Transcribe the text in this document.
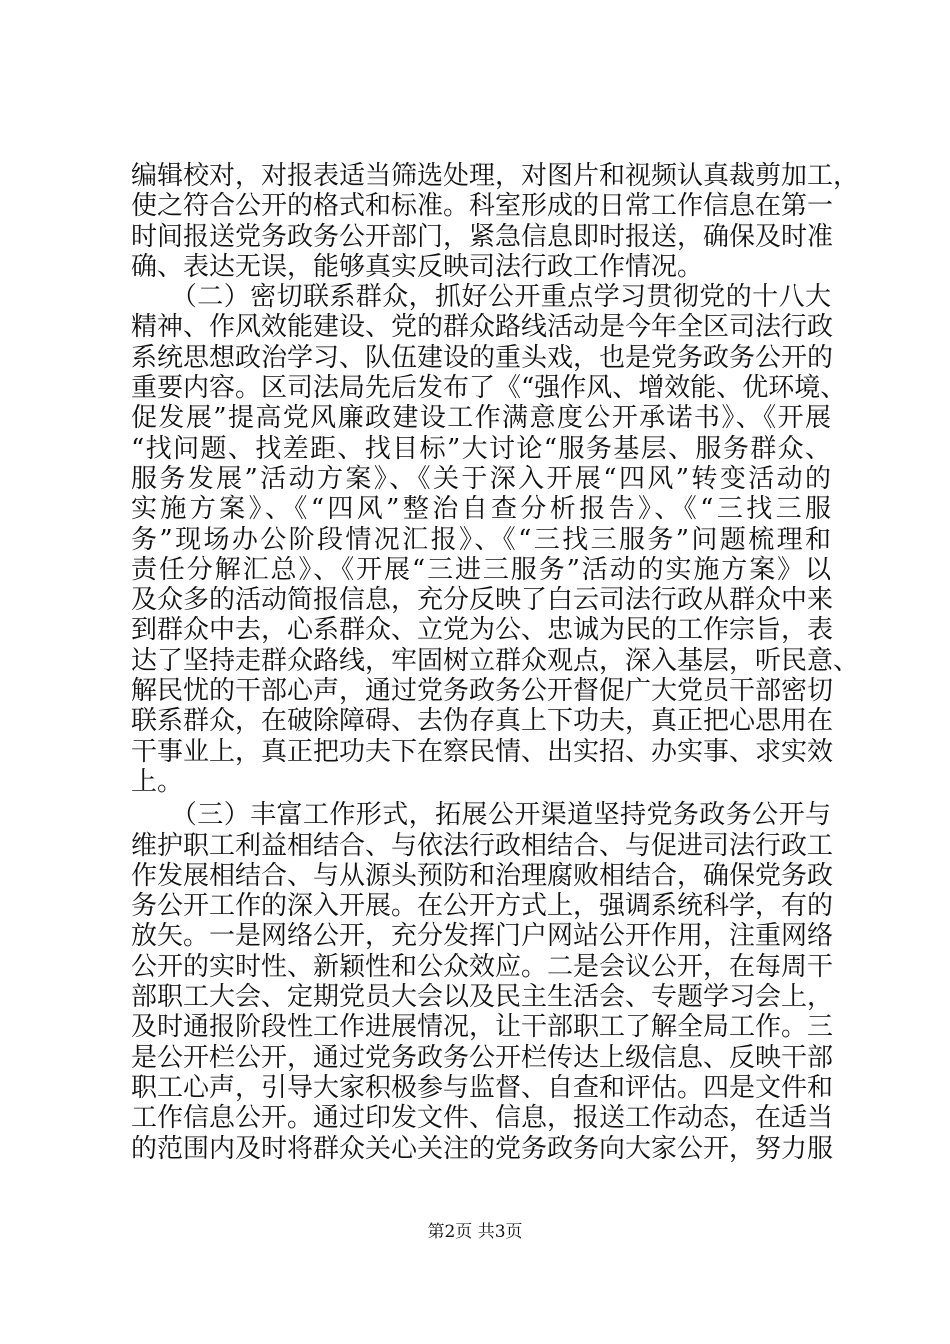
编辑校对，对报表适当筛选处理，对图片和视频认真裁剪加工，
使之符合公开的格式和标准。科室形成的日常工作信息在第一
时间报送党务政务公开部门，紧急信息即时报送，确保及时准
确、表达无误，能够真实反映司法行政工作情况。
　　（二）密切联系群众，抓好公开重点学习贯彻党的十八大
精神、作风效能建设、党的群众路线活动是今年全区司法行政
系统思想政治学习、队伍建设的重头戏，也是党务政务公开的
重要内容。区司法局先后发布了《“强作风、增效能、优环境、
促发展”提高党风廉政建设工作满意度公开承诺书》、《开展
“找问题、找差距、找目标”大讨论“服务基层、服务群众、
服务发展”活动方案》、《关于深入开展“四风”转变活动的
实施方案》、《“四风”整治自查分析报告》、《“三找三服
务”现场办公阶段情况汇报》、《“三找三服务”问题梳理和
责任分解汇总》、《开展“三进三服务”活动的实施方案》以
及众多的活动简报信息，充分反映了白云司法行政从群众中来
到群众中去，心系群众、立党为公、忠诚为民的工作宗旨，表
达了坚持走群众路线，牢固树立群众观点，深入基层，听民意、
解民忧的干部心声，通过党务政务公开督促广大党员干部密切
联系群众，在破除障碍、去伪存真上下功夫，真正把心思用在
干事业上，真正把功夫下在察民情、出实招、办实事、求实效
上。
　　（三）丰富工作形式，拓展公开渠道坚持党务政务公开与
维护职工利益相结合、与依法行政相结合、与促进司法行政工
作发展相结合、与从源头预防和治理腐败相结合，确保党务政
务公开工作的深入开展。在公开方式上，强调系统科学，有的
放矢。一是网络公开，充分发挥门户网站公开作用，注重网络
公开的实时性、新颖性和公众效应。二是会议公开，在每周干
部职工大会、定期党员大会以及民主生活会、专题学习会上，
及时通报阶段性工作进展情况，让干部职工了解全局工作。三
是公开栏公开，通过党务政务公开栏传达上级信息、反映干部
职工心声，引导大家积极参与监督、自查和评估。四是文件和
工作信息公开。通过印发文件、信息，报送工作动态，在适当
的范围内及时将群众关心关注的党务政务向大家公开，努力服
第2页 共3页
